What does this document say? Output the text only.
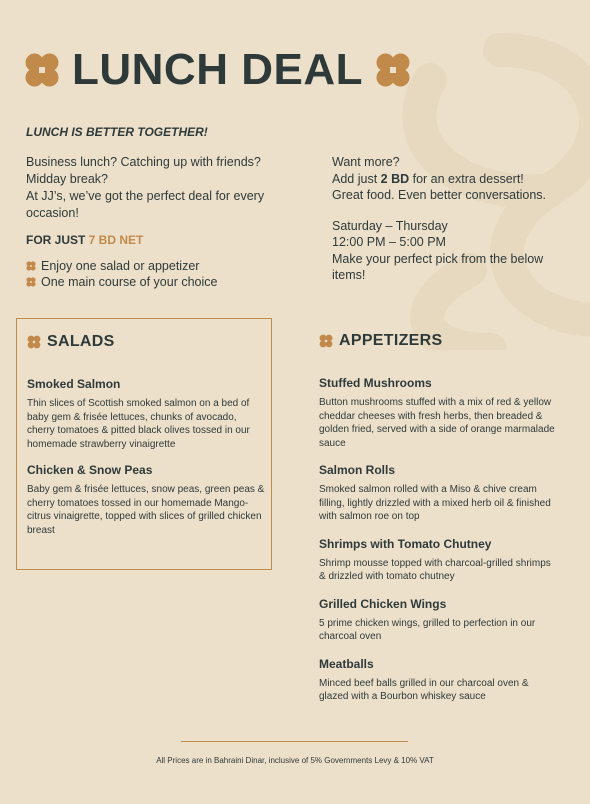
LUNCH DEAL
LUNCH IS BETTER TOGETHER!

Business lunch? Catching up with friends?

Midday break?

At JJ’s, we’ve got the perfect deal for every occasion!

FOR JUST 7 BD NET
Enjoy one salad or appetizer
One main course of your choice

Want more?

Add just 2 BD for an extra dessert!

Great food. Even better conversations.

Saturday – Thursday

12:00 PM – 5:00 PM

Make your perfect pick from the below items!

SALADS
Smoked Salmon
Thin slices of Scottish smoked salmon on a bed of baby gem & frisée lettuces, chunks of avocado, cherry tomatoes & pitted black olives tossed in our homemade strawberry vinaigrette
Chicken & Snow Peas
Baby gem & frisée lettuces, snow peas, green peas & cherry tomatoes tossed in our homemade Mango-citrus vinaigrette, topped with slices of grilled chicken breast
APPETIZERS
Stuffed Mushrooms
Button mushrooms stuffed with a mix of red & yellow cheddar cheeses with fresh herbs, then breaded & golden fried, served with a side of orange marmalade sauce
Salmon Rolls
Smoked salmon rolled with a Miso & chive cream filling, lightly drizzled with a mixed herb oil & finished with salmon roe on top
Shrimps with Tomato Chutney
Shrimp mousse topped with charcoal-grilled shrimps & drizzled with tomato chutney
Grilled Chicken Wings
5 prime chicken wings, grilled to perfection in our charcoal oven
Meatballs
Minced beef balls grilled in our charcoal oven & glazed with a Bourbon whiskey sauce
All Prices are in Bahraini Dinar, inclusive of 5% Governments Levy & 10% VAT
